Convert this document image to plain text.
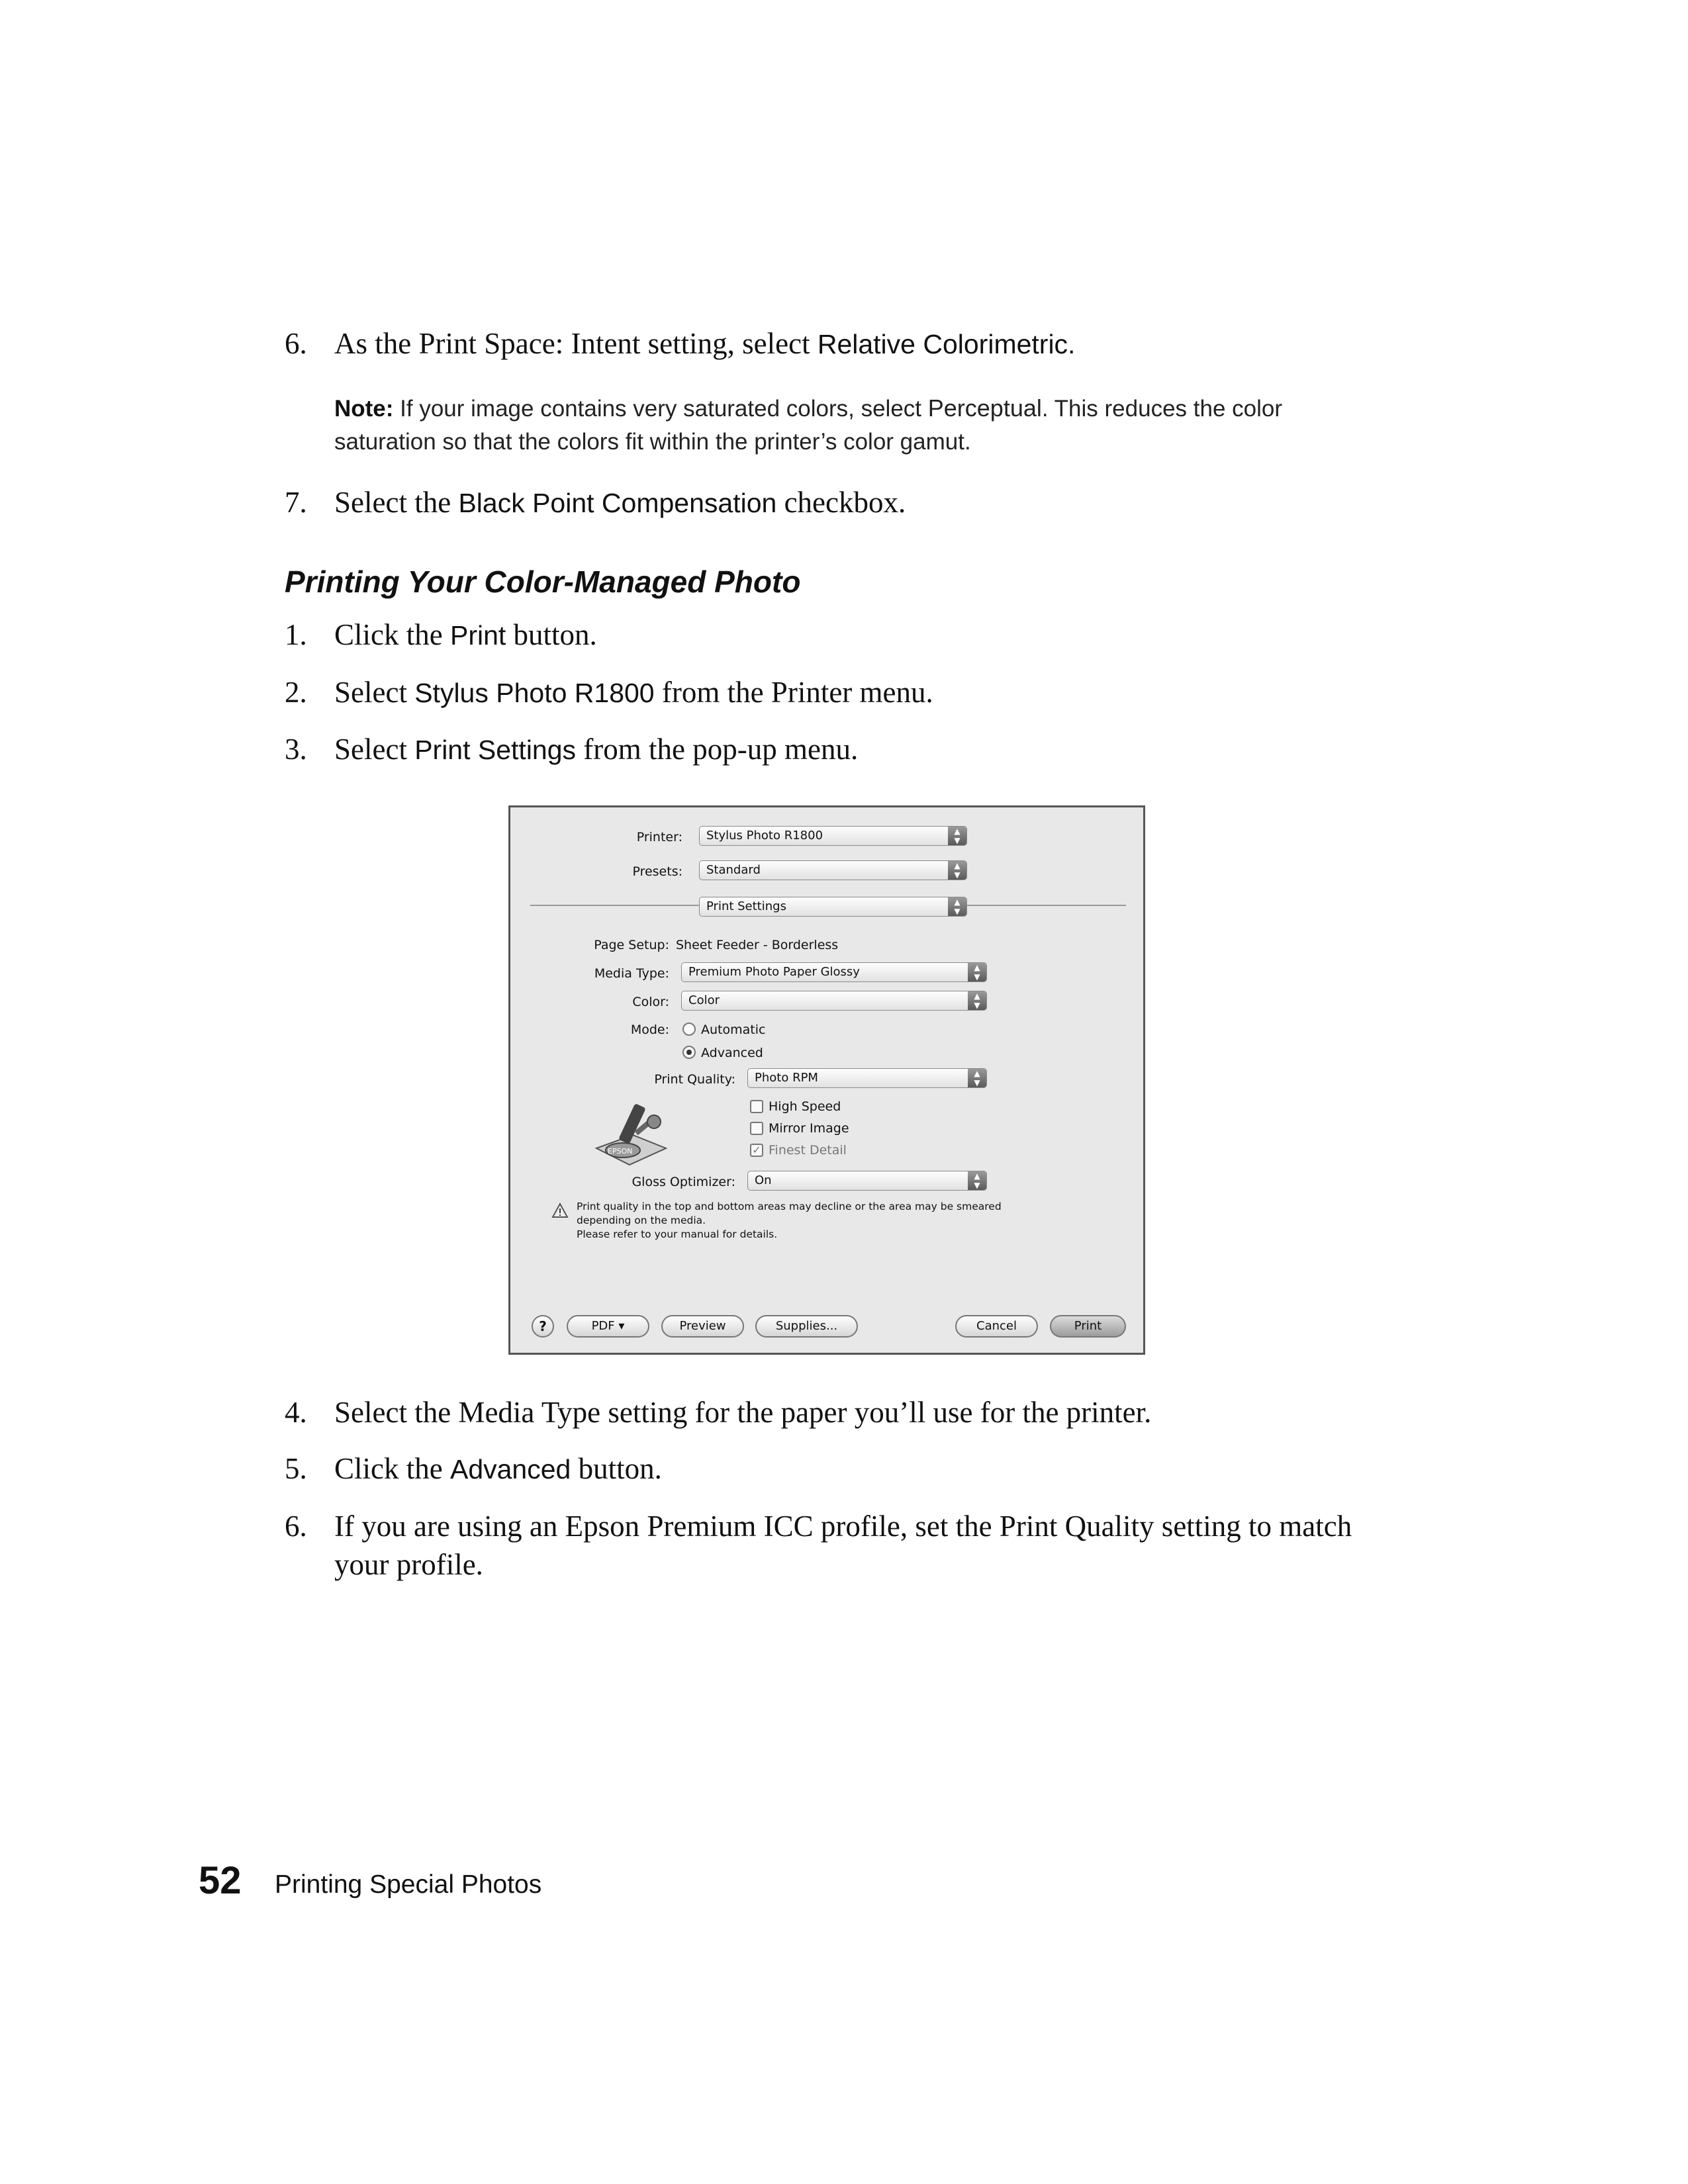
6. As the Print Space: Intent setting, select Relative Colorimetric.
Note: If your image contains very saturated colors, select Perceptual. This reduces the color saturation so that the colors fit within the printer’s color gamut.
7. Select the Black Point Compensation checkbox.
Printing Your Color-Managed Photo
1. Click the Print button.
2. Select Stylus Photo R1800 from the Printer menu.
3. Select Print Settings from the pop-up menu.
Printer:	Stylus Photo R1800	▲
▼
Presets:	Standard	▲
▼
Print Settings	▲
▼
Page Setup: Sheet Feeder - Borderless
Media Type:	Premium Photo Paper Glossy	▲
▼
Color:	Color	▲
▼
Mode:	Automatic
Advanced
Print Quality:	Photo RPM	▲
▼
EPSON
High Speed
Mirror Image
✓ Finest Detail
Gloss Optimizer:	On	▲
▼
Print quality in the top and bottom areas may decline or the area may be smeared
depending on the media.
Please refer to your manual for details.
?	PDF ▾	Preview	Supplies...	Cancel	Print
4. Select the Media Type setting for the paper you’ll use for the printer.
5. Click the Advanced button.
6. If you are using an Epson Premium ICC profile, set the Print Quality setting to match your profile.
52 Printing Special Photos
